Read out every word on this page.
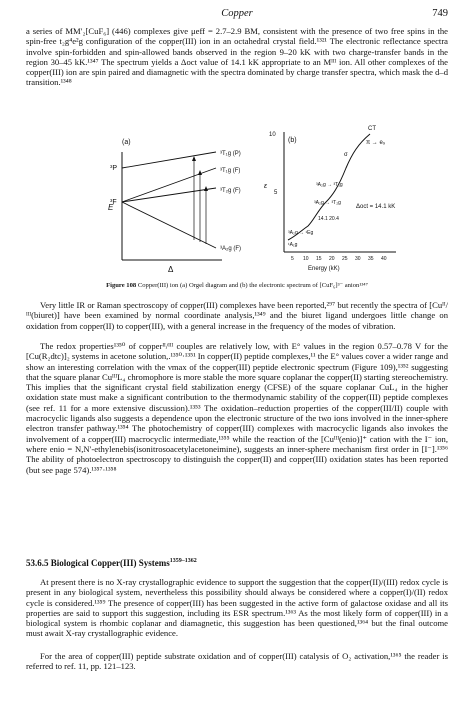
Copper	749

a series of MM′₂[CuF₆] (446) complexes give μeff = 2.7–2.9 BM, consistent with the presence of two free spins in the spin-free t₂g⁴e²g configuration of the copper(III) ion in an octahedral crystal field.¹³²¹ The electronic reflectance spectra involve spin-forbidden and spin-allowed bands observed in the region 9–20 kK with two charge-transfer bands in the region 30–45 kK.¹³⁴⁷ The spectrum yields a Δoct value of 14.1 kK appropriate to an Mᴵᴵᴵ ion. All other complexes of the copper(III) ion are spin paired and diamagnetic with the spectra dominated by charge transfer spectra, which mask the d–d transition.¹³⁴⁸

(a)
E
Δ
³P
³F
³T₁g (P)
³T₁g (F)
³T₂g (F)
³A₂g (F)
(b)
10
5
ε
5 10 15 20 25 30 35 40
Energy (kK)
CT
π → e₉
σ
³A₂g → ³T₁g
³A₂g → ³T₂g
Δoct = 14.1 kK
14.1 20.4
³A₂g → ¹Eg
¹A₁g
Figure 108 Copper(III) ion (a) Orgel diagram and (b) the electronic spectrum of [CuF₆]³⁻ anion¹³⁴⁷

Very little IR or Raman spectroscopy of copper(III) complexes have been reported,²⁹⁷ but recently the spectra of [Cuᴵᴵ/ᴵᴵᴵ(biuret)] have been examined by normal coordinate analysis,¹³⁴⁹ and the biuret ligand undergoes little change on oxidation from copper(II) to copper(III), with a general increase in the frequency of the modes of vibration.

The redox properties¹³⁵⁰ of copperᴵᴵ/ᴵᴵᴵ couples are relatively low, with E° values in the region 0.57–0.78 V for the [Cu(R₂dtc)]₂ systems in acetone solution,.¹³⁵⁰·¹³⁵¹ In copper(II) peptide complexes,¹¹ the E° values cover a wider range and show an interesting correlation with the νmax of the copper(III) peptide electronic spectrum (Figure 109),¹³⁵² suggesting that the square planar CuᴵᴵᴵL₄ chromophore is more stable the more square coplanar the copper(II) starting stereochemistry. This implies that the significant crystal field stabilization energy (CFSE) of the square coplanar CuL₄ in the higher oxidation state must make a significant contribution to the thermodynamic stability of the copper(III) peptide complexes (see ref. 11 for a more extensive discussion).¹³⁵³ The oxidation–reduction properties of the copper(III/II) couple with macrocyclic ligands also suggests a dependence upon the electronic structure of the two ions involved in the inner-sphere electron transfer pathway.¹³⁵⁴ The photochemistry of copper(III) complexes with macrocyclic ligands also invokes the involvement of a copper(III) macrocyclic intermediate,¹³⁵⁵ while the reaction of the [Cuᴵᴵᴵ(enio)]⁺ cation with the I⁻ ion, where enio = N,N′-ethylenebis(isonitrosoacetylacetoneimine), suggests an inner-sphere mechanism first order in [I⁻].¹³⁵⁶ The ability of photoelectron spectroscopy to distinguish the copper(II) and copper(III) oxidation states has been reported (but see page 574).¹³⁵⁷·¹³⁵⁸

53.6.5 Biological Copper(III) Systems$^{1359-1362}$

At present there is no X-ray crystallographic evidence to support the suggestion that the copper(II)/(III) redox cycle is present in any biological system, nevertheless this possibility should always be considered where a copper(I)/(II) redox cycle is considered.¹³⁵⁹ The presence of copper(III) has been suggested in the active form of galactose oxidase and all its properties are said to support this suggestion, including its ESR spectrum.¹³⁶³ As the most likely form of copper(III) in a biological system is rhombic coplanar and diamagnetic, this suggestion has been questioned,¹³⁶⁴ but the final outcome must await X-ray crystallographic evidence.

For the area of copper(III) peptide substrate oxidation and of copper(III) catalysis of O₂ activation,¹³⁶⁵ the reader is referred to ref. 11, pp. 121–123.
